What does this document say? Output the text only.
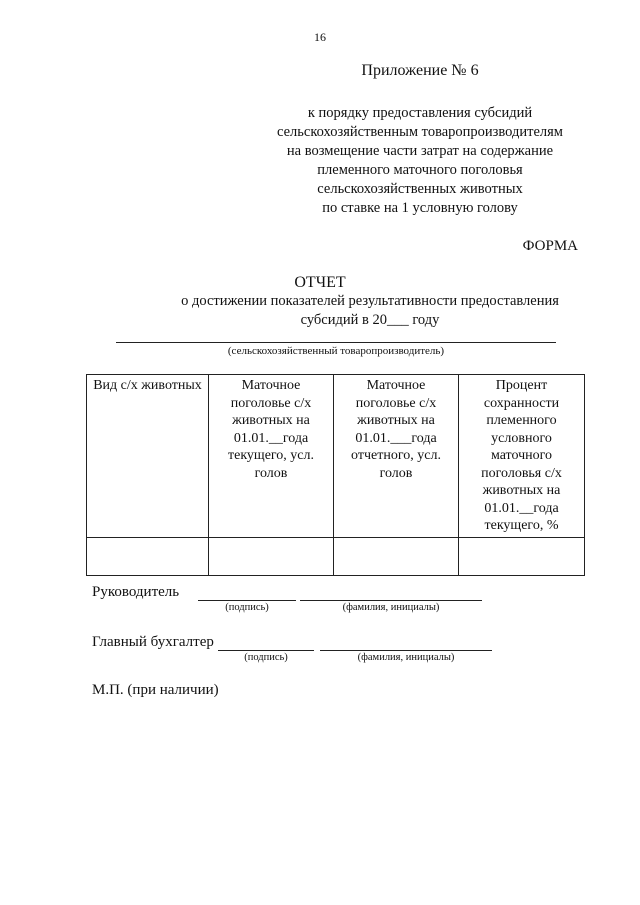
16
Приложение № 6
к порядку предоставления субсидий
сельскохозяйственным товаропроизводителям
на возмещение части затрат на содержание
племенного маточного поголовья
сельскохозяйственных животных
по ставке на 1 условную голову
ФОРМА
ОТЧЕТ
о достижении показателей результативности предоставления
субсидий в 20___ году
(сельскохозяйственный товаропроизводитель)
Вид с/х животных	Маточное поголовье с/х животных на 01.01.__года текущего, усл. голов	Маточное поголовье с/х животных на 01.01.___года отчетного, усл. голов	Процент сохранности племенного условного маточного поголовья с/х животных на 01.01.__года текущего, %

Руководитель
(подпись)	(фамилия, инициалы)
Главный бухгалтер
(подпись)	(фамилия, инициалы)
М.П. (при наличии)
